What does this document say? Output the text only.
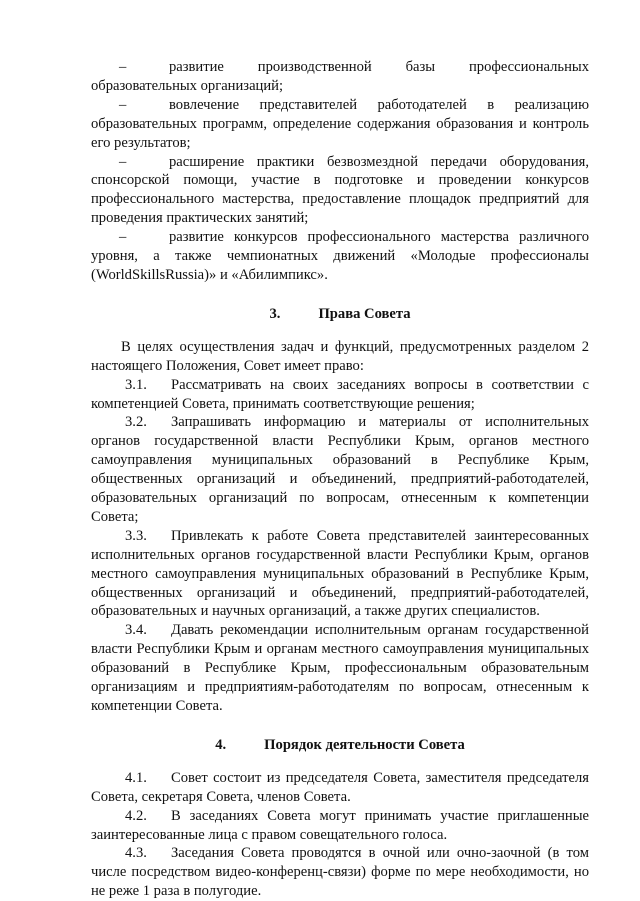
–	развитие производственной базы профессиональных образовательных организаций;

–	вовлечение представителей работодателей в реализацию образовательных программ, определение содержания образования и контроль его результатов;

–	расширение практики безвозмездной передачи оборудования, спонсорской помощи, участие в подготовке и проведении конкурсов профессионального мастерства, предоставление площадок предприятий для проведения практических занятий;

–	развитие конкурсов профессионального мастерства различного уровня, а также чемпионатных движений «Молодые профессионалы (WorldSkillsRussia)» и «Абилимпикс».

3.	Права Совета

В целях осуществления задач и функций, предусмотренных разделом 2 настоящего Положения, Совет имеет право:

3.1. Рассматривать на своих заседаниях вопросы в соответствии с компетенцией Совета, принимать соответствующие решения;

3.2. Запрашивать информацию и материалы от исполнительных органов государственной власти Республики Крым, органов местного самоуправления муниципальных образований в Республике Крым, общественных организаций и объединений, предприятий-работодателей, образовательных организаций по вопросам, отнесенным к компетенции Совета;

3.3. Привлекать к работе Совета представителей заинтересованных исполнительных органов государственной власти Республики Крым, органов местного самоуправления муниципальных образований в Республике Крым, общественных организаций и объединений, предприятий-работодателей, образовательных и научных организаций, а также других специалистов.

3.4. Давать рекомендации исполнительным органам государственной власти Республики Крым и органам местного самоуправления муниципальных образований в Республике Крым, профессиональным образовательным организациям и предприятиям-работодателям по вопросам, отнесенным к компетенции Совета.

4.	Порядок деятельности Совета

4.1. Совет состоит из председателя Совета, заместителя председателя Совета, секретаря Совета, членов Совета.

4.2. В заседаниях Совета могут принимать участие приглашенные заинтересованные лица с правом совещательного голоса.

4.3. Заседания Совета проводятся в очной или очно-заочной (в том числе посредством видео-конференц-связи) форме по мере необходимости, но не реже 1 раза в полугодие.
